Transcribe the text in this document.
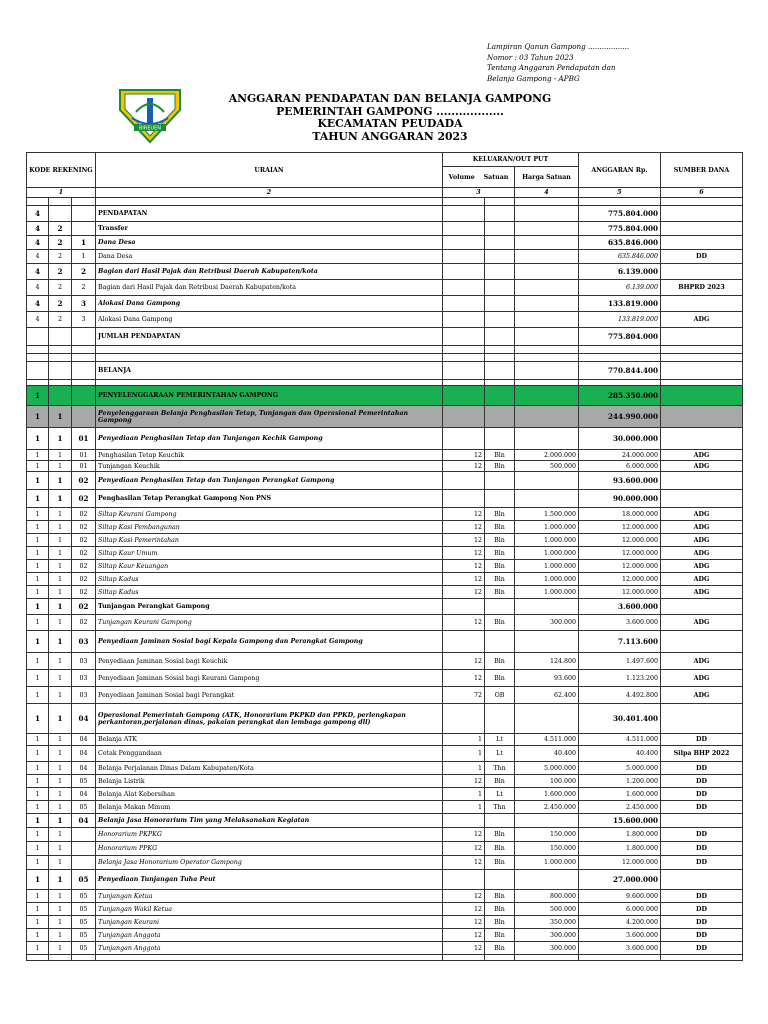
Lampiran Qanun Gampong ..................
Nomor : 03 Tahun 2023
Tentang Anggaran Pendapatan dan
Belanja Gampong - APBG
BIREUEN
ANGGARAN PENDAPATAN DAN BELANJA GAMPONG
PEMERINTAH GAMPONG ..................
KECAMATAN PEUDADA
TAHUN ANGGARAN 2023
KODE REKENING			URAIAN	KELUARAN/OUT PUT			ANGGARAN Rp.	SUMBER DANA
				Volume Satuan		Harga Satuan		
1			2	3		4	5	6

4			PENDAPATAN				775.804.000	
4	2		Transfer				775.804.000	
4	2	1	Dana Desa				635.846.000	
4	2	1	Dana Desa				635.846.000	DD
4	2	2	Bagian dari Hasil Pajak dan Retribusi Daerah Kabupaten/kota				6.139.000	
4	2	2	Bagian dari Hasil Pajak dan Retribusi Daerah Kabupaten/kota				6.139.000	BHPRD 2023
4	2	3	Alokasi Dana Gampong				133.819.000	
4	2	3	Alokasi Dana Gampong				133.819.000	ADG
			JUMLAH PENDAPATAN				775.804.000	

			BELANJA				770.844.400	

1			PENYELENGGARAAN PEMERINTAHAN GAMPONG				285.350.000	
1	1		Penyelenggaraan Belanja Penghasilan Tetap, Tunjangan dan Operasional Pemerintahan Gampong				244.990.000	
1	1	01	Penyediaan Penghasilan Tetap dan Tunjangan Kechik Gampong				30.000.000	
1	1	01	Penghasilan Tetap Keuchik	12	Bln	2.000.000	24.000.000	ADG
1	1	01	Tunjangan Keuchik	12	Bln	500.000	6.000.000	ADG
1	1	02	Penyediaan Penghasilan Tetap dan Tunjangan Perangkat Gampong				93.600.000	
1	1	02	Penghasilan Tetap Perangkat Gampong Non PNS				90.000.000	
1	1	02	Siltap Keurani Gampong	12	Bln	1.500.000	18.000.000	ADG
1	1	02	Siltap Kasi Pembangunan	12	Bln	1.000.000	12.000.000	ADG
1	1	02	Siltap Kasi Pemerintahan	12	Bln	1.000.000	12.000.000	ADG
1	1	02	Siltap Kaur Umum	12	Bln	1.000.000	12.000.000	ADG
1	1	02	Siltap Kaur Keuangan	12	Bln	1.000.000	12.000.000	ADG
1	1	02	Siltap Kadus	12	Bln	1.000.000	12.000.000	ADG
1	1	02	Siltap Kadus	12	Bln	1.000.000	12.000.000	ADG
1	1	02	Tunjangan Perangkat Gampong				3.600.000	
1	1	02	Tunjangan Keurani Gampong	12	Bln	300.000	3.600.000	ADG
1	1	03	Penyediaan Jaminan Sosial bagi Kepala Gampong dan Perangkat Gampong				7.113.600	
1	1	03	Penyediaan Jaminan Sosial bagi Keuchik	12	Bln	124.800	1.497.600	ADG
1	1	03	Penyediaan Jaminan Sosial bagi Keurani Gampong	12	Bln	93.600	1.123.200	ADG
1	1	03	Penyediaan Jaminan Sosial bagi Perangkat	72	OB	62.400	4.492.800	ADG
1	1	04	Operasional Pemerintah Gampong (ATK, Honorarium PKPKD dan PPKD, perlengkapan perkantoran,perjalanan dinas, pakaian perangkat dan lembaga gampong dll)				30.401.400	
1	1	04	Belanja ATK	1	Lt	4.511.000	4.511.000	DD
1	1	04	Cetak Penggandaan	1	Lt	40.400	40.400	Silpa BHP 2022
1	1	04	Belanja Perjalanan Dinas Dalam Kabupaten/Kota	1	Thn	5.000.000	5.000.000	DD
1	1	05	Belanja Listrik	12	Bln	100.000	1.200.000	DD
1	1	04	Belanja Alat Kebersihan	1	Lt	1.600.000	1.600.000	DD
1	1	05	Belanja Makan Minum	1	Thn	2.450.000	2.450.000	DD
1	1	04	Belanja Jasa Honorarium Tim yang Melaksanakan Kegiatan				15.600.000	
1	1		Honorarium PKPKG	12	Bln	150.000	1.800.000	DD
1	1		Honorarium PPKG	12	Bln	150.000	1.800.000	DD
1	1		Belanja Jasa Honorarium Operator Gampong	12	Bln	1.000.000	12.000.000	DD
1	1	05	Penyediaan Tunjangan Tuha Peut				27.000.000	
1	1	05	Tunjangan Ketua	12	Bln	800.000	9.600.000	DD
1	1	05	Tunjangan Wakil Ketua	12	Bln	500.000	6.000.000	DD
1	1	05	Tunjangan Keurani	12	Bln	350.000	4.200.000	DD
1	1	05	Tunjangan Anggota	12	Bln	300.000	3.600.000	DD
1	1	05	Tunjangan Anggota	12	Bln	300.000	3.600.000	DD
